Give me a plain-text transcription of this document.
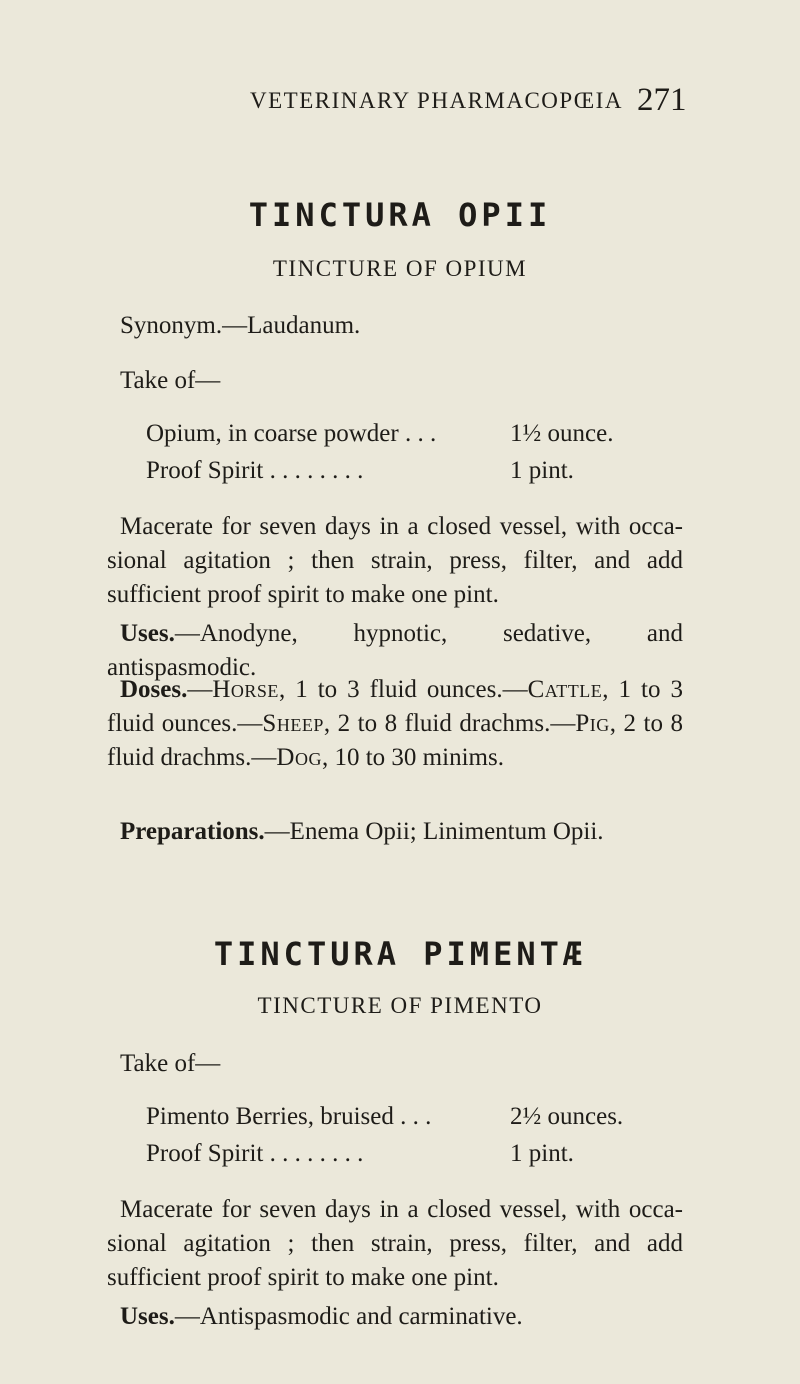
VETERINARY PHARMACOPŒIA 271
TINCTURA OPII
TINCTURE OF OPIUM
Synonym.—Laudanum.
Take of—
Opium, in coarse powder . . .	1½ ounce.
Proof Spirit . . . . . . . .	1 pint.
Macerate for seven days in a closed vessel, with occa-sional agitation ; then strain, press, filter, and add sufficient proof spirit to make one pint.
Uses.—Anodyne, hypnotic, sedative, and antispasmodic.
Doses.—Horse, 1 to 3 fluid ounces.—Cattle, 1 to 3 fluid ounces.—Sheep, 2 to 8 fluid drachms.—Pig, 2 to 8 fluid drachms.—Dog, 10 to 30 minims.
Preparations.—Enema Opii; Linimentum Opii.
TINCTURA PIMENTÆ
TINCTURE OF PIMENTO
Take of—
Pimento Berries, bruised . . .	2½ ounces.
Proof Spirit . . . . . . . .	1 pint.
Macerate for seven days in a closed vessel, with occa-sional agitation ; then strain, press, filter, and add sufficient proof spirit to make one pint.
Uses.—Antispasmodic and carminative.
